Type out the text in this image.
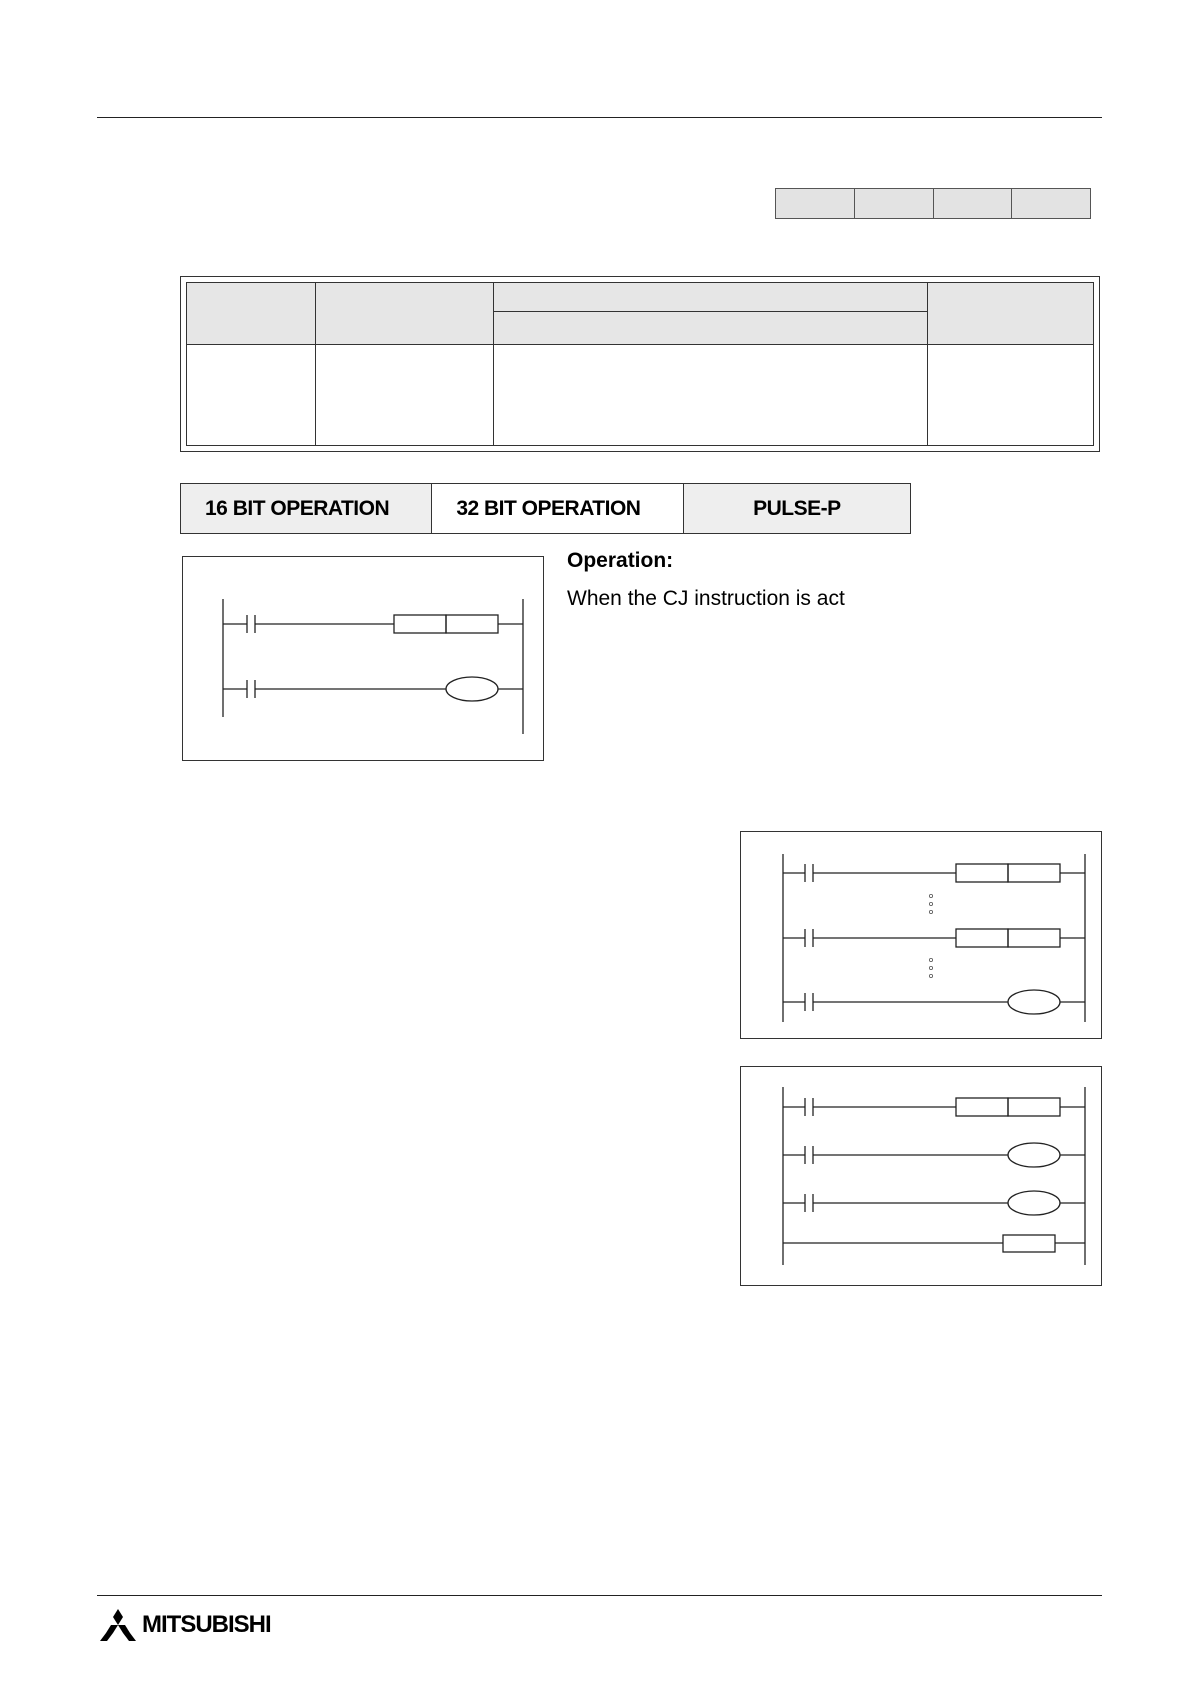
16 BIT OPERATION	32 BIT OPERATION	PULSE-P
Operation:
When the CJ instruction is act
MITSUBISHI
